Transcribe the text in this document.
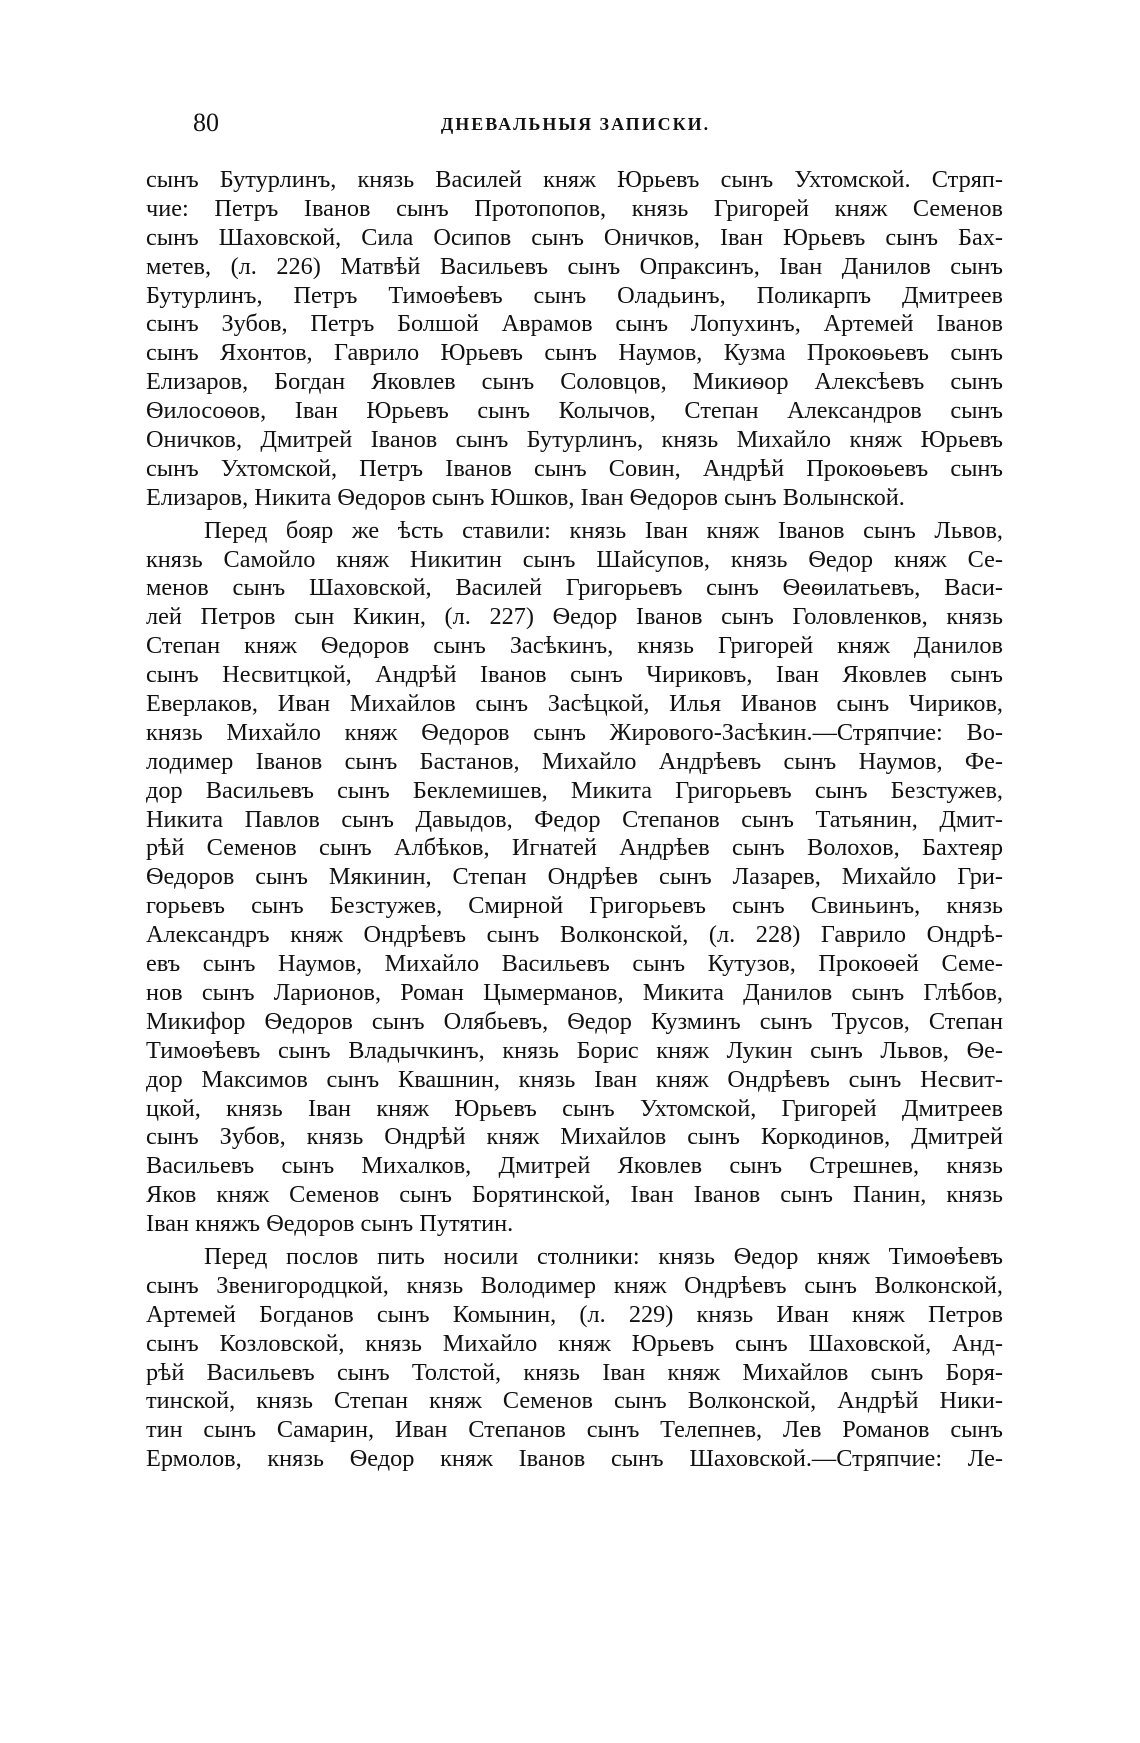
80	ДНЕВАЛЬНЫЯ ЗАПИСКИ.
сынъ Бутурлинъ, князь Василей княж Юрьевъ сынъ Ухтомской. Стряп-
чие: Петръ Іванов сынъ Протопопов, князь Григорей княж Семенов
сынъ Шаховской, Сила Осипов сынъ Оничков, Іван Юрьевъ сынъ Бах-
метев, (л. 226) Матвѣй Васильевъ сынъ Опраксинъ, Іван Данилов сынъ
Бутурлинъ, Петръ Тимоѳѣевъ сынъ Оладьинъ, Поликарпъ Дмитреев
сынъ Зубов, Петръ Болшой Аврамов сынъ Лопухинъ, Артемей Іванов
сынъ Яхонтов, Гаврило Юрьевъ сынъ Наумов, Кузма Прокоѳьевъ сынъ
Елизаров, Богдан Яковлев сынъ Соловцов, Микиѳор Алексѣевъ сынъ
Ѳилосоѳов, Іван Юрьевъ сынъ Колычов, Степан Александров сынъ
Оничков, Дмитрей Іванов сынъ Бутурлинъ, князь Михайло княж Юрьевъ
сынъ Ухтомской, Петръ Іванов сынъ Совин, Андрѣй Прокоѳьевъ сынъ
Елизаров, Никита Ѳедоров сынъ Юшков, Іван Ѳедоров сынъ Волынской.
Перед бояр же ѣсть ставили: князь Іван княж Іванов сынъ Львов,
князь Самойло княж Никитин сынъ Шайсупов, князь Ѳедор княж Се-
менов сынъ Шаховской, Василей Григорьевъ сынъ Ѳеѳилатьевъ, Васи-
лей Петров сын Кикин, (л. 227) Ѳедор Іванов сынъ Головленков, князь
Степан княж Ѳедоров сынъ Засѣкинъ, князь Григорей княж Данилов
сынъ Несвитцкой, Андрѣй Іванов сынъ Чириковъ, Іван Яковлев сынъ
Еверлаков, Иван Михайлов сынъ Засѣцкой, Илья Иванов сынъ Чириков,
князь Михайло княж Ѳедоров сынъ Жирового-Засѣкин.—Стряпчие: Во-
лодимер Іванов сынъ Бастанов, Михайло Андрѣевъ сынъ Наумов, Фе-
дор Васильевъ сынъ Беклемишев, Микита Григорьевъ сынъ Безстужев,
Никита Павлов сынъ Давыдов, Федор Степанов сынъ Татьянин, Дмит-
рѣй Семенов сынъ Албѣков, Игнатей Андрѣев сынъ Волохов, Бахтеяр
Ѳедоров сынъ Мякинин, Степан Ондрѣев сынъ Лазарев, Михайло Гри-
горьевъ сынъ Безстужев, Смирной Григорьевъ сынъ Свиньинъ, князь
Александръ княж Ондрѣевъ сынъ Волконской, (л. 228) Гаврило Ондрѣ-
евъ сынъ Наумов, Михайло Васильевъ сынъ Кутузов, Прокоѳей Семе-
нов сынъ Ларионов, Роман Цымерманов, Микита Данилов сынъ Глѣбов,
Микифор Ѳедоров сынъ Олябьевъ, Ѳедор Кузминъ сынъ Трусов, Степан
Тимоѳѣевъ сынъ Владычкинъ, князь Борис княж Лукин сынъ Львов, Ѳе-
дор Максимов сынъ Квашнин, князь Іван княж Ондрѣевъ сынъ Несвит-
цкой, князь Іван княж Юрьевъ сынъ Ухтомской, Григорей Дмитреев
сынъ Зубов, князь Ондрѣй княж Михайлов сынъ Коркодинов, Дмитрей
Васильевъ сынъ Михалков, Дмитрей Яковлев сынъ Стрешнев, князь
Яков княж Семенов сынъ Борятинской, Іван Іванов сынъ Панин, князь
Іван княжъ Ѳедоров сынъ Путятин.
Перед послов пить носили столники: князь Ѳедор княж Тимоѳѣевъ
сынъ Звенигородцкой, князь Володимер княж Ондрѣевъ сынъ Волконской,
Артемей Богданов сынъ Комынин, (л. 229) князь Иван княж Петров
сынъ Козловской, князь Михайло княж Юрьевъ сынъ Шаховской, Анд-
рѣй Васильевъ сынъ Толстой, князь Іван княж Михайлов сынъ Боря-
тинской, князь Степан княж Семенов сынъ Волконской, Андрѣй Ники-
тин сынъ Самарин, Иван Степанов сынъ Телепнев, Лев Романов сынъ
Ермолов, князь Ѳедор княж Іванов сынъ Шаховской.—Стряпчие: Ле-
